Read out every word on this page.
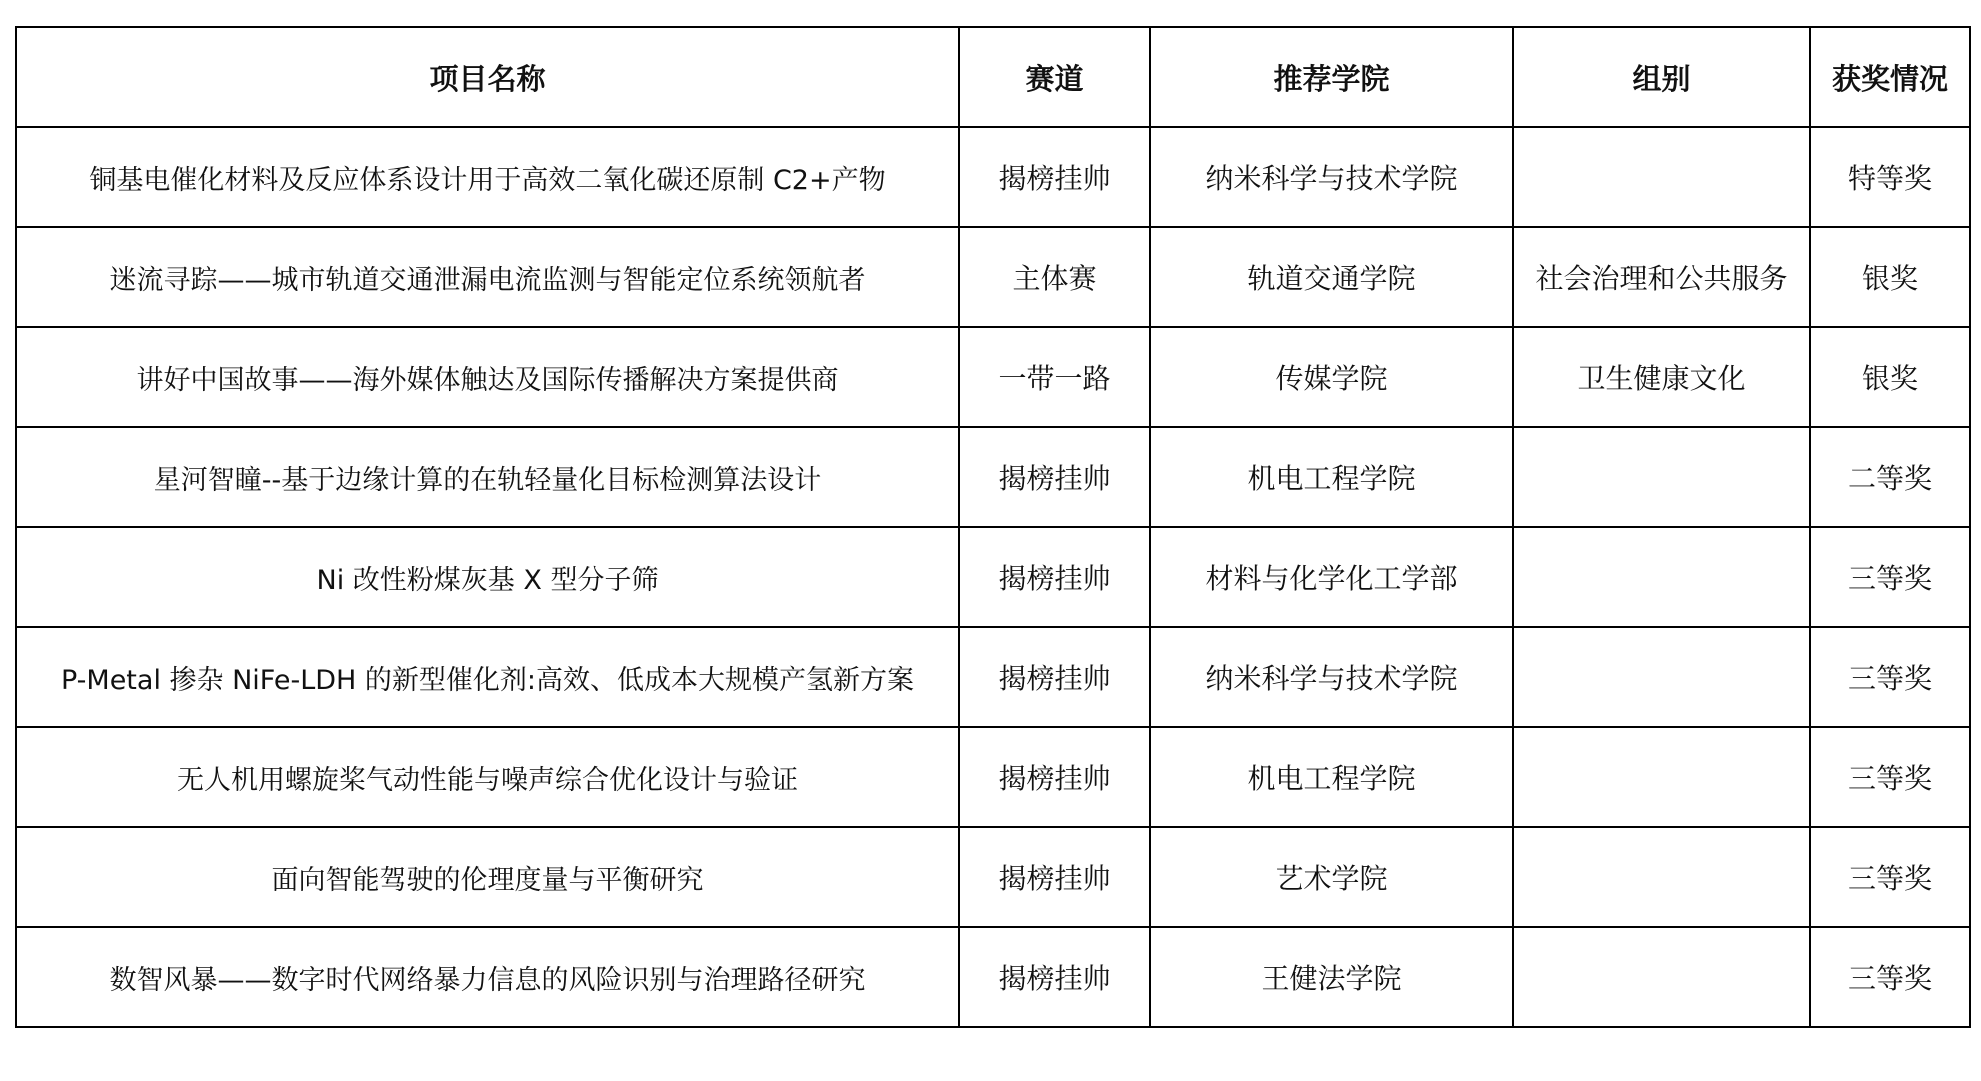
项目名称	赛道	推荐学院	组别	获奖情况
铜基电催化材料及反应体系设计用于高效二氧化碳还原制 C2+产物	揭榜挂帅	纳米科学与技术学院		特等奖
迷流寻踪——城市轨道交通泄漏电流监测与智能定位系统领航者	主体赛	轨道交通学院	社会治理和公共服务	银奖
讲好中国故事——海外媒体触达及国际传播解决方案提供商	一带一路	传媒学院	卫生健康文化	银奖
星河智瞳--基于边缘计算的在轨轻量化目标检测算法设计	揭榜挂帅	机电工程学院		二等奖
Ni 改性粉煤灰基 X 型分子筛	揭榜挂帅	材料与化学化工学部		三等奖
P-Metal 掺杂 NiFe-LDH 的新型催化剂:高效、低成本大规模产氢新方案	揭榜挂帅	纳米科学与技术学院		三等奖
无人机用螺旋桨气动性能与噪声综合优化设计与验证	揭榜挂帅	机电工程学院		三等奖
面向智能驾驶的伦理度量与平衡研究	揭榜挂帅	艺术学院		三等奖
数智风暴——数字时代网络暴力信息的风险识别与治理路径研究	揭榜挂帅	王健法学院		三等奖
